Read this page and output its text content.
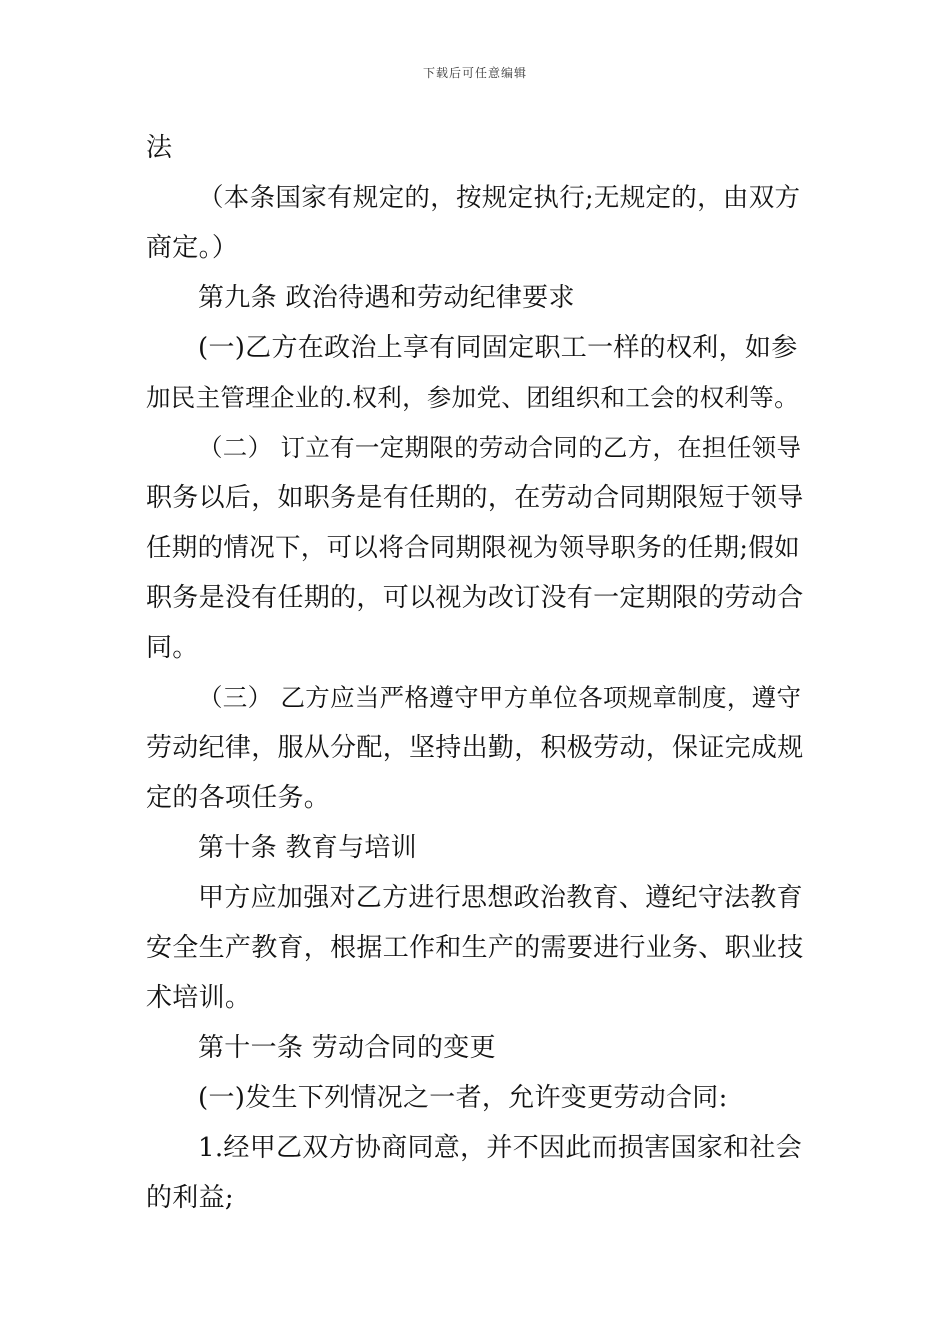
下载后可任意编辑
法
（本条国家有规定的，按规定执行;无规定的，由双方
商定。）
第九条 政治待遇和劳动纪律要求
(一)乙方在政治上享有同固定职工一样的权利，如参
加民主管理企业的.权利，参加党、团组织和工会的权利等。
（二） 订立有一定期限的劳动合同的乙方，在担任领导
职务以后，如职务是有任期的，在劳动合同期限短于领导
任期的情况下，可以将合同期限视为领导职务的任期;假如
职务是没有任期的，可以视为改订没有一定期限的劳动合
同。
（三） 乙方应当严格遵守甲方单位各项规章制度，遵守
劳动纪律，服从分配，坚持出勤，积极劳动，保证完成规
定的各项任务。
第十条 教育与培训
甲方应加强对乙方进行思想政治教育、遵纪守法教育
安全生产教育，根据工作和生产的需要进行业务、职业技
术培训。
第十一条 劳动合同的变更
(一)发生下列情况之一者，允许变更劳动合同:
1.经甲乙双方协商同意，并不因此而损害国家和社会
的利益;
